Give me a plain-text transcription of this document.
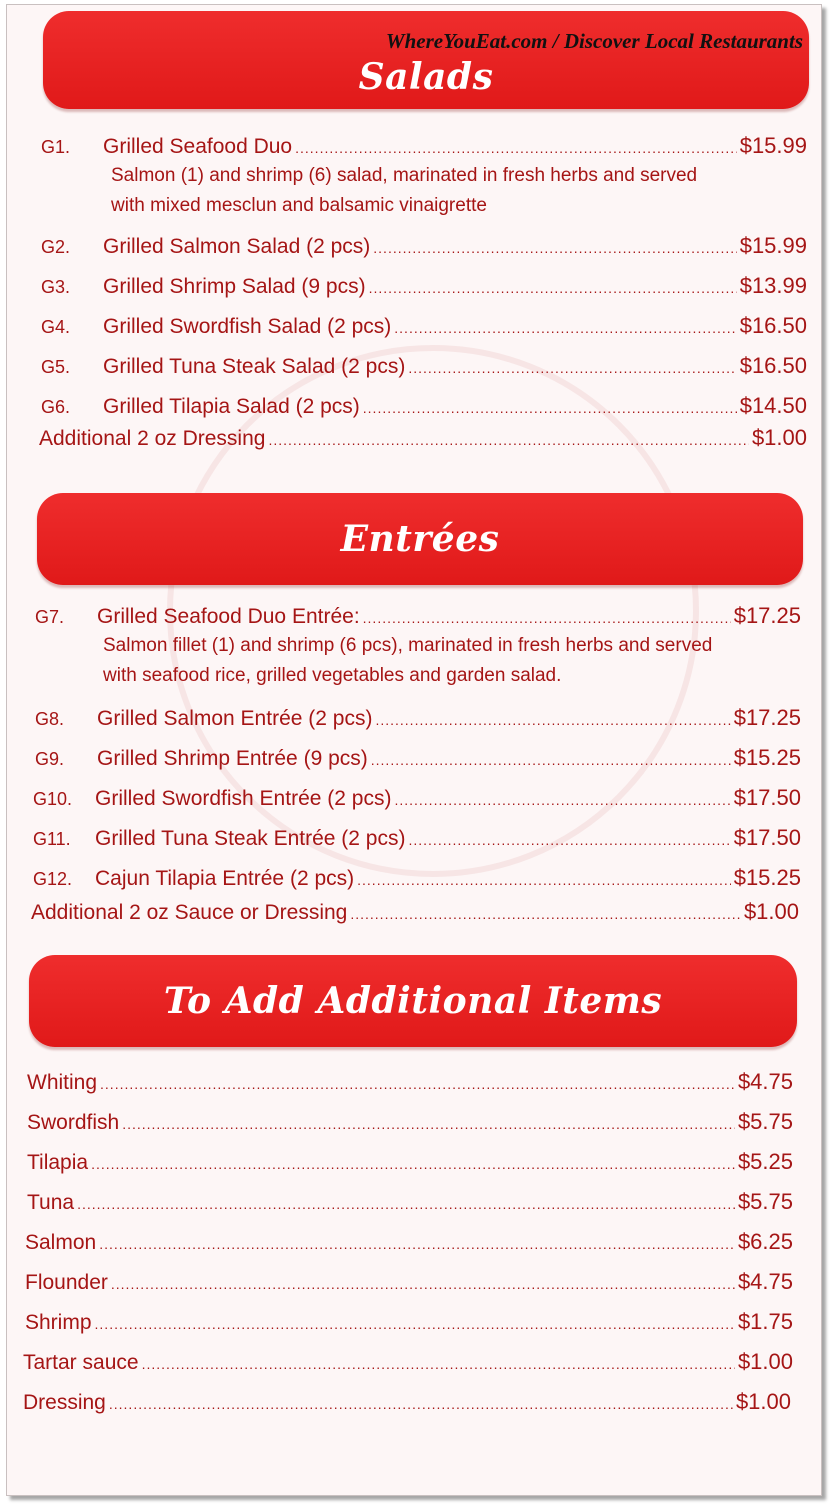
WhereYouEat.com / Discover Local Restaurants
Salads
G1.	Grilled Seafood Duo .....	$15.99
Salmon (1) and shrimp (6) salad, marinated in fresh herbs and served
with mixed mesclun and balsamic vinaigrette
G2.	Grilled Salmon Salad (2 pcs) .....	$15.99
G3.	Grilled Shrimp Salad (9 pcs) .....	$13.99
G4.	Grilled Swordfish Salad (2 pcs) .....	$16.50
G5.	Grilled Tuna Steak Salad (2 pcs) .....	$16.50
G6.	Grilled Tilapia Salad (2 pcs) .....	$14.50
Additional 2 oz Dressing .....	$1.00
Entrées
G7.	Grilled Seafood Duo Entrée: .....	$17.25
Salmon fillet (1) and shrimp (6 pcs), marinated in fresh herbs and served
with seafood rice, grilled vegetables and garden salad.
G8.	Grilled Salmon Entrée (2 pcs) .....	$17.25
G9.	Grilled Shrimp Entrée (9 pcs) .....	$15.25
G10.	Grilled Swordfish Entrée (2 pcs) .....	$17.50
G11.	Grilled Tuna Steak Entrée (2 pcs) .....	$17.50
G12.	Cajun Tilapia Entrée (2 pcs) .....	$15.25
Additional 2 oz Sauce or Dressing .....	$1.00
To Add Additional Items
Whiting .....	$4.75
Swordfish .....	$5.75
Tilapia .....	$5.25
Tuna .....	$5.75
Salmon .....	$6.25
Flounder .....	$4.75
Shrimp .....	$1.75
Tartar sauce .....	$1.00
Dressing .....	$1.00
